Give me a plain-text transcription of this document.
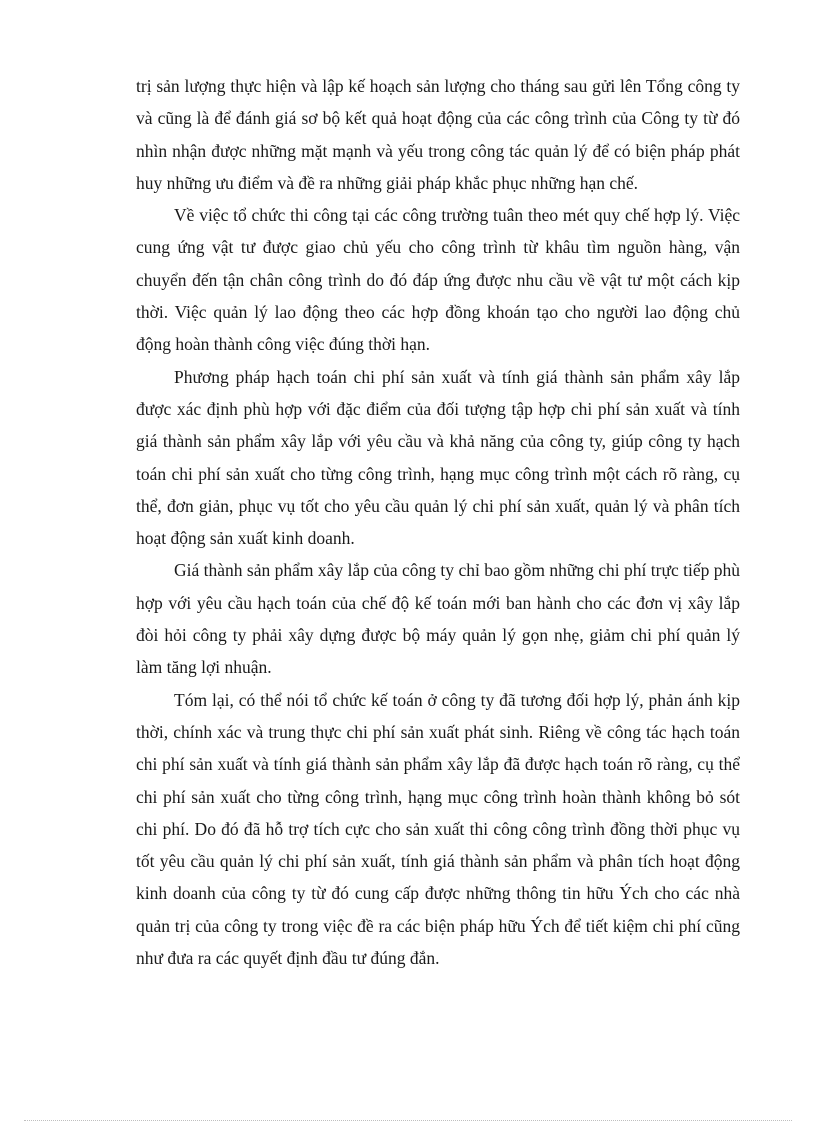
trị sản lượng thực hiện và lập kế hoạch sản lượng cho tháng sau gửi lên Tổng công ty và cũng là để đánh giá sơ bộ kết quả hoạt động của các công trình của Công ty từ đó nhìn nhận được những mặt mạnh và yếu trong công tác quản lý để có biện pháp phát huy những ưu điểm và đề ra những giải pháp khắc phục những hạn chế.

Về việc tổ chức thi công tại các công trường tuân theo mét quy chế hợp lý. Việc cung ứng vật tư được giao chủ yếu cho công trình từ khâu tìm nguồn hàng, vận chuyển đến tận chân công trình do đó đáp ứng được nhu cầu về vật tư một cách kịp thời. Việc quản lý lao động theo các hợp đồng khoán tạo cho người lao động chủ động hoàn thành công việc đúng thời hạn.

Phương pháp hạch toán chi phí sản xuất và tính giá thành sản phẩm xây lắp được xác định phù hợp với đặc điểm của đối tượng tập hợp chi phí sản xuất và tính giá thành sản phẩm xây lắp với yêu cầu và khả năng của công ty, giúp công ty hạch toán chi phí sản xuất cho từng công trình, hạng mục công trình một cách rõ ràng, cụ thể, đơn giản, phục vụ tốt cho yêu cầu quản lý chi phí sản xuất, quản lý và phân tích hoạt động sản xuất kinh doanh.

Giá thành sản phẩm xây lắp của công ty chỉ bao gồm những chi phí trực tiếp phù hợp với yêu cầu hạch toán của chế độ kế toán mới ban hành cho các đơn vị xây lắp đòi hỏi công ty phải xây dựng được bộ máy quản lý gọn nhẹ, giảm chi phí quản lý làm tăng lợi nhuận.

Tóm lại, có thể nói tổ chức kế toán ở công ty đã tương đối hợp lý, phản ánh kịp thời, chính xác và trung thực chi phí sản xuất phát sinh. Riêng về công tác hạch toán chi phí sản xuất và tính giá thành sản phẩm xây lắp đã được hạch toán rõ ràng, cụ thể chi phí sản xuất cho từng công trình, hạng mục công trình hoàn thành không bỏ sót chi phí. Do đó đã hỗ trợ tích cực cho sản xuất thi công công trình đồng thời phục vụ tốt yêu cầu quản lý chi phí sản xuất, tính giá thành sản phẩm và phân tích hoạt động kinh doanh của công ty từ đó cung cấp được những thông tin hữu Ých cho các nhà quản trị của công ty trong việc đề ra các biện pháp hữu Ých để tiết kiệm chi phí cũng như đưa ra các quyết định đầu tư đúng đắn.
